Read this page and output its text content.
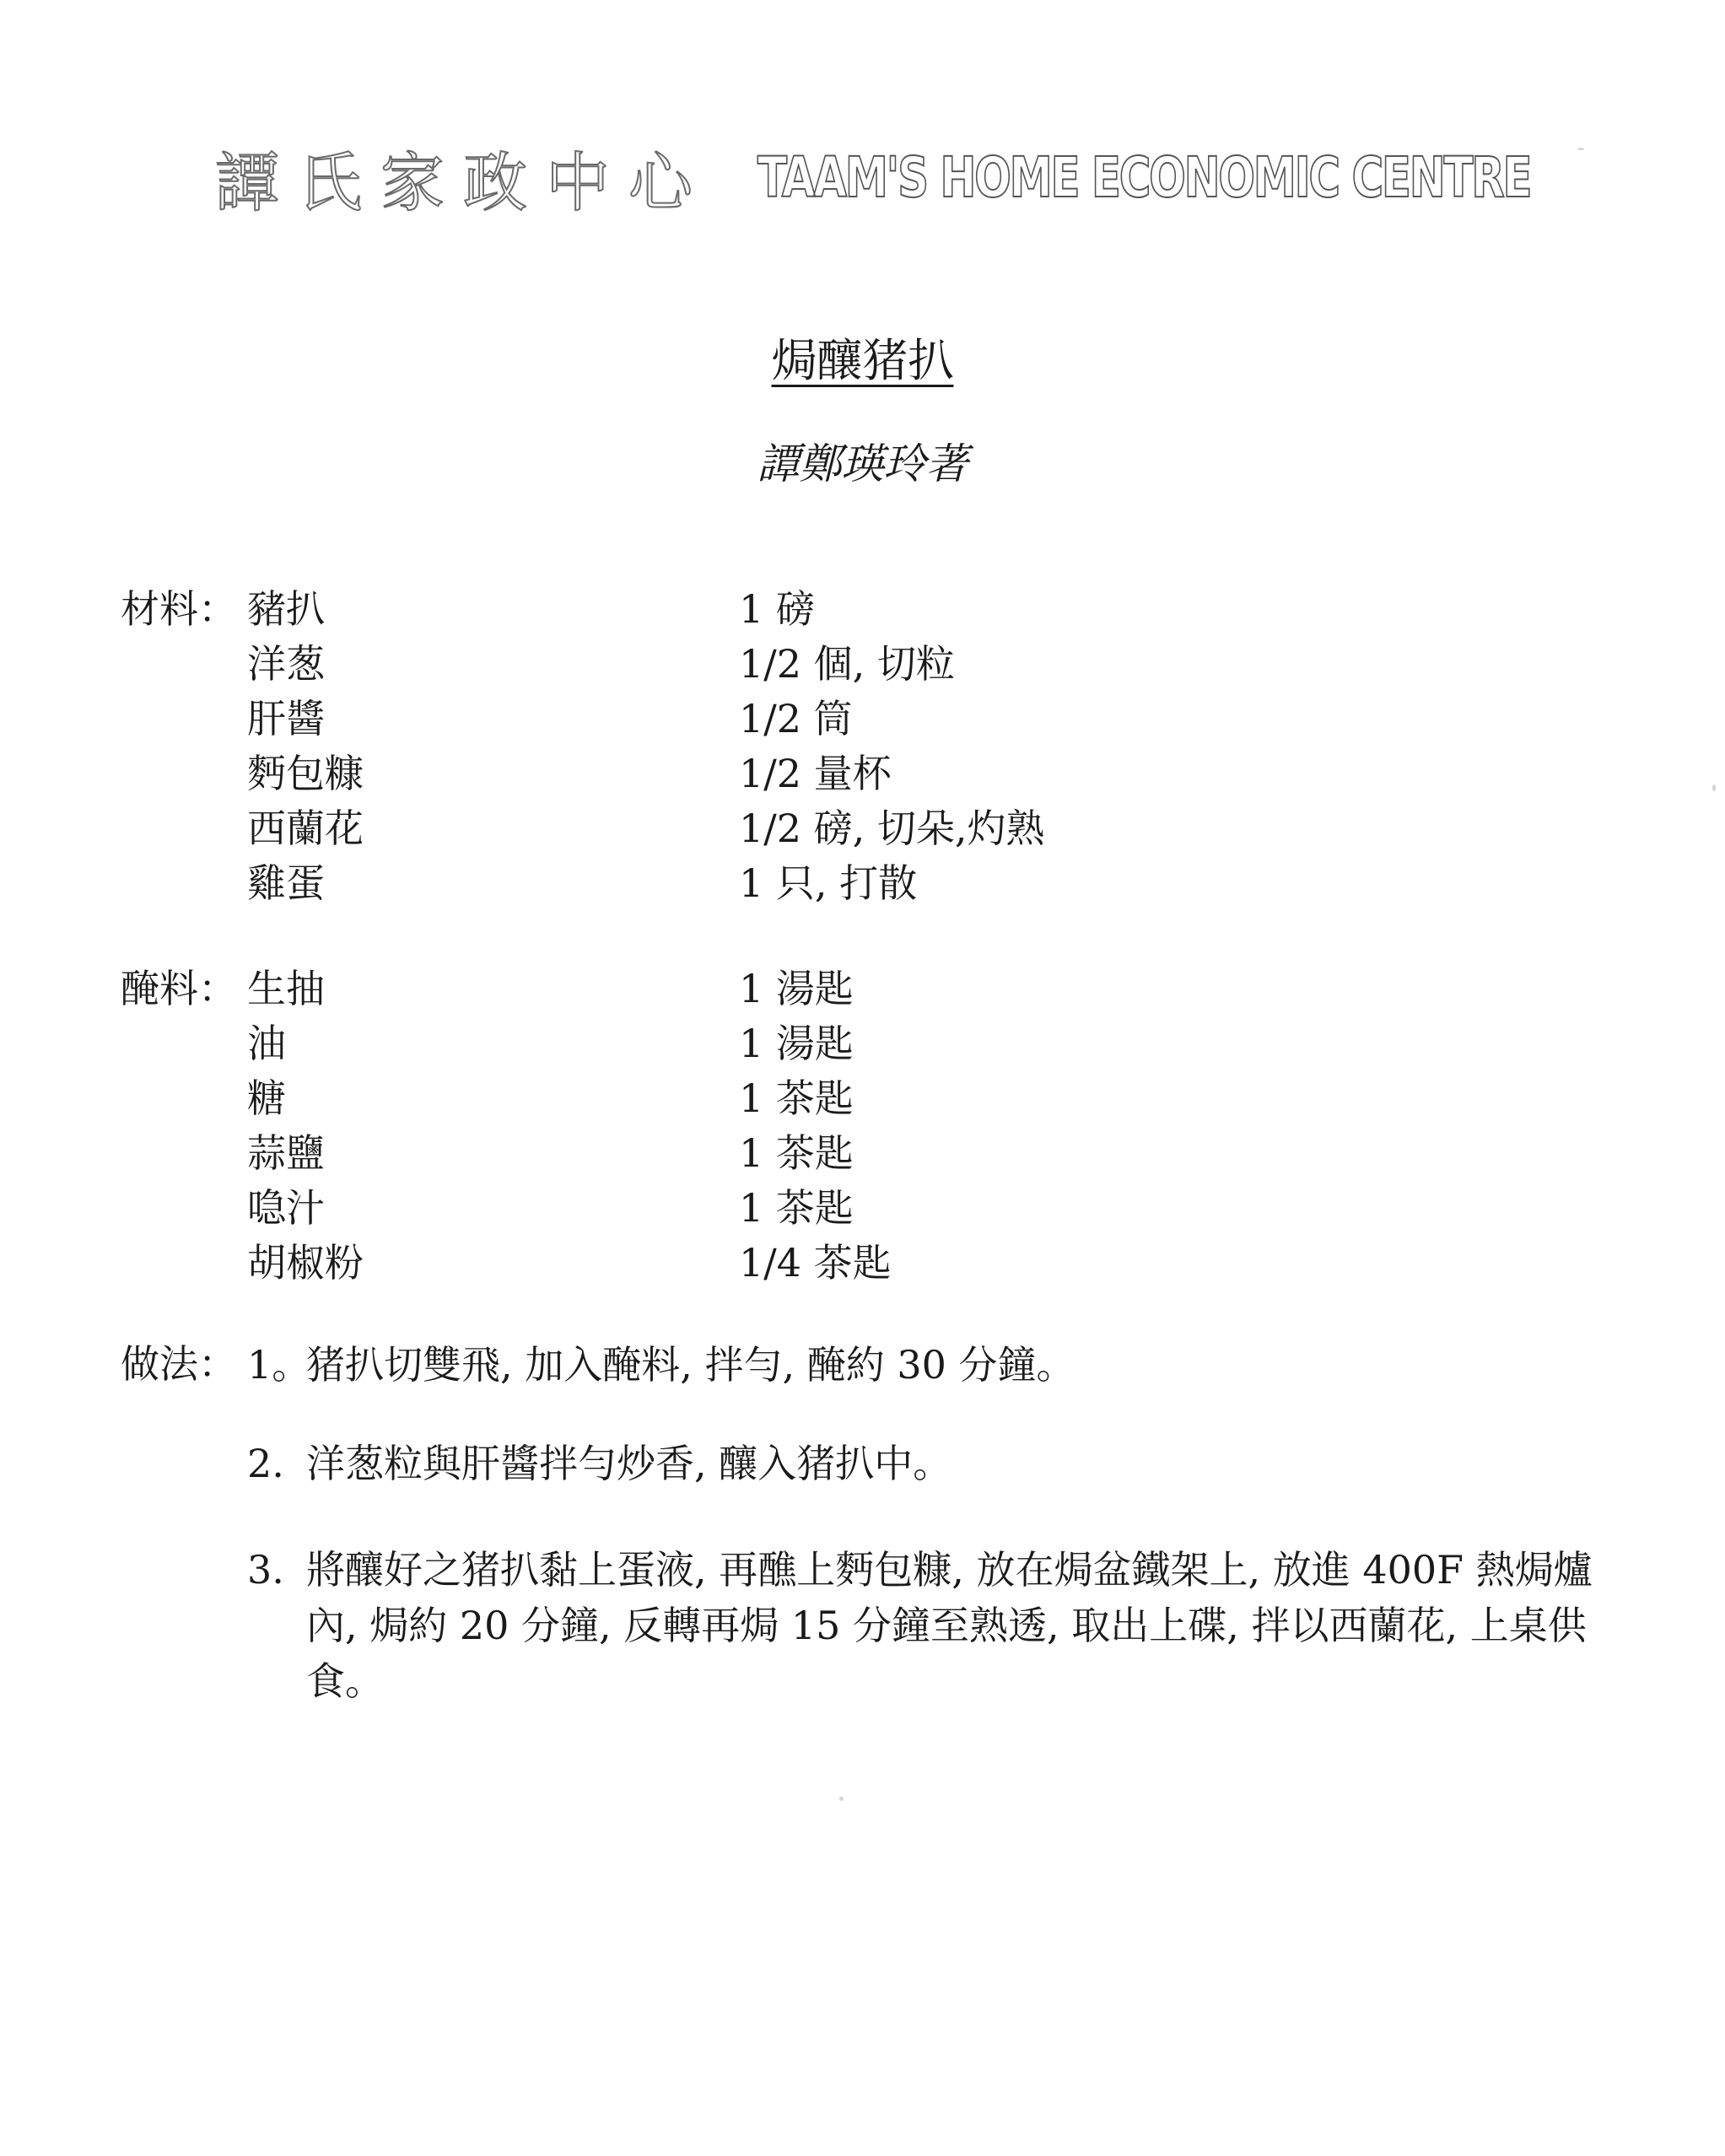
譚氏家政中心 TAAM'S HOME ECONOMIC CENTRE
焗釀猪扒
譚鄭瑛玲著
材料： 豬扒	1 磅
洋葱	1/2 個, 切粒
肝醬	1/2 筒
麪包糠	1/2 量杯
西蘭花	1/2 磅, 切朵,灼熟
雞蛋	1 只, 打散
醃料： 生抽	1 湯匙
油	1 湯匙
糖	1 茶匙
蒜鹽	1 茶匙
喼汁	1 茶匙
胡椒粉	1/4 茶匙
做法： 1。
猪扒切雙飛, 加入醃料, 拌勻, 醃約 30 分鐘。
2. 洋葱粒與肝醬拌勻炒香, 釀入猪扒中。
3. 將釀好之猪扒黏上蛋液, 再醮上麪包糠, 放在焗盆鐵架上, 放進 400F 熱焗爐內, 焗約 20 分鐘, 反轉再焗 15 分鐘至熟透, 取出上碟, 拌以西蘭花, 上桌供食。
